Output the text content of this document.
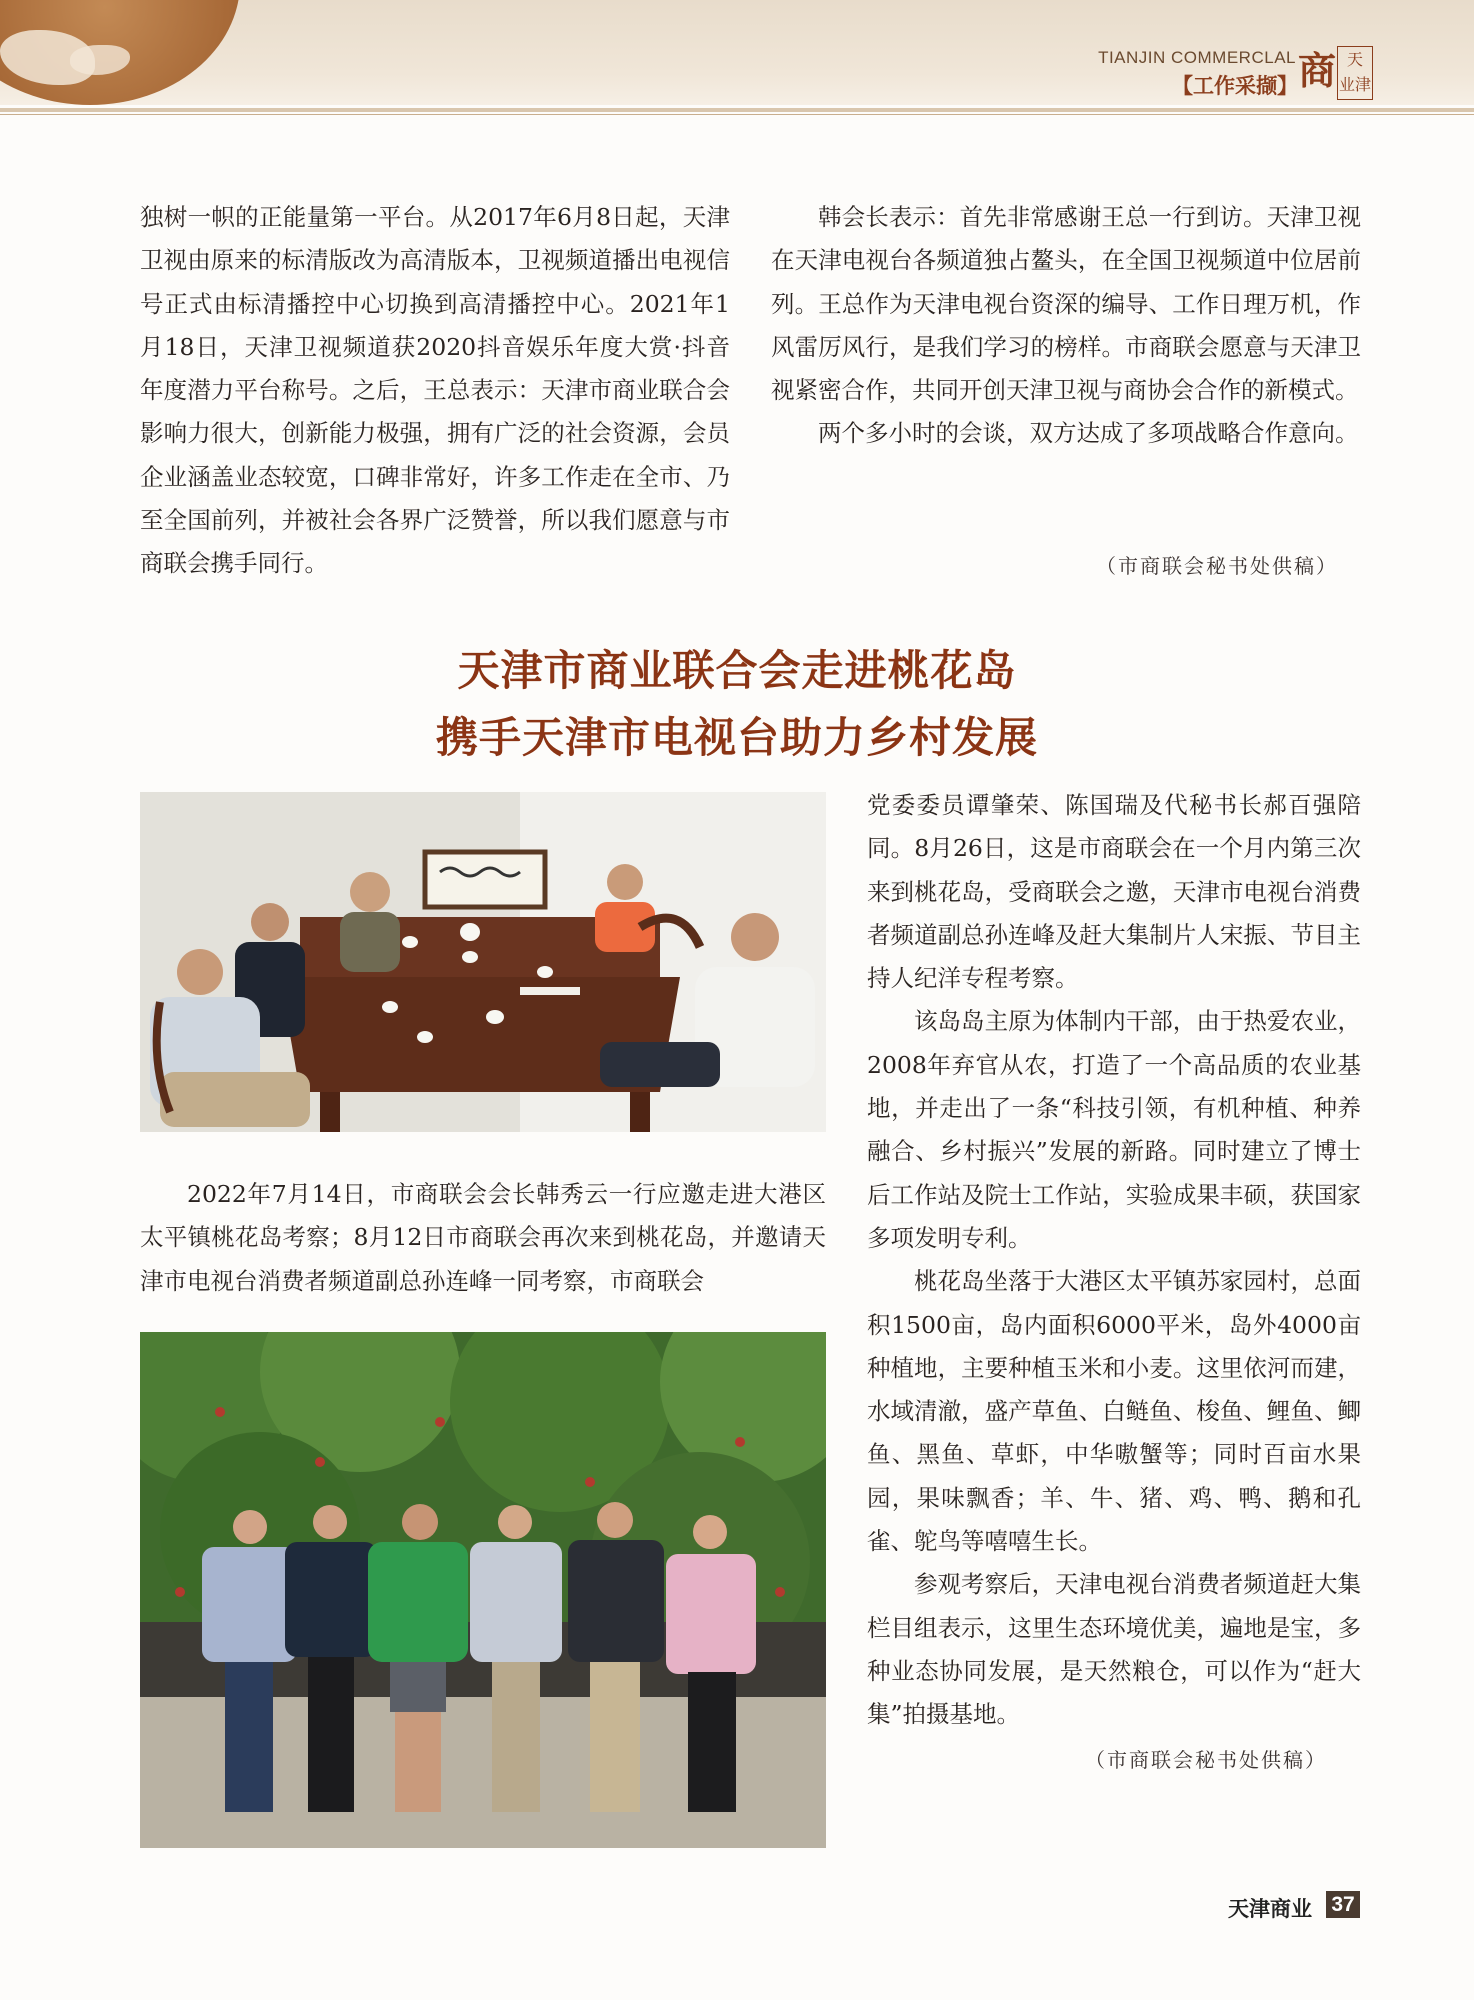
TIANJIN COMMERCLAL
【工作采撷】 商 天
业津

独树一帜的正能量第一平台。从2017年6月8日起，天津卫视由原来的标清版改为高清版本，卫视频道播出电视信号正式由标清播控中心切换到高清播控中心。2021年1月18日，天津卫视频道获2020抖音娱乐年度大赏·抖音年度潜力平台称号。之后，王总表示：天津市商业联合会影响力很大，创新能力极强，拥有广泛的社会资源，会员企业涵盖业态较宽，口碑非常好，许多工作走在全市、乃至全国前列，并被社会各界广泛赞誉，所以我们愿意与市商联会携手同行。

韩会长表示：首先非常感谢王总一行到访。天津卫视在天津电视台各频道独占鳌头，在全国卫视频道中位居前列。王总作为天津电视台资深的编导、工作日理万机，作风雷厉风行，是我们学习的榜样。市商联会愿意与天津卫视紧密合作，共同开创天津卫视与商协会合作的新模式。

两个多小时的会谈，双方达成了多项战略合作意向。

（市商联会秘书处供稿）
天津市商业联合会走进桃花岛
携手天津市电视台助力乡村发展

2022年7月14日，市商联会会长韩秀云一行应邀走进大港区太平镇桃花岛考察；8月12日市商联会再次来到桃花岛，并邀请天津市电视台消费者频道副总孙连峰一同考察，市商联会

党委委员谭肇荣、陈国瑞及代秘书长郝百强陪同。8月26日，这是市商联会在一个月内第三次来到桃花岛，受商联会之邀，天津市电视台消费者频道副总孙连峰及赶大集制片人宋振、节目主持人纪洋专程考察。

该岛岛主原为体制内干部，由于热爱农业，2008年弃官从农，打造了一个高品质的农业基地，并走出了一条“科技引领，有机种植、种养融合、乡村振兴”发展的新路。同时建立了博士后工作站及院士工作站，实验成果丰硕，获国家多项发明专利。

桃花岛坐落于大港区太平镇苏家园村，总面积1500亩，岛内面积6000平米，岛外4000亩种植地，主要种植玉米和小麦。这里依河而建，水域清澈，盛产草鱼、白鲢鱼、梭鱼、鲤鱼、鲫鱼、黑鱼、草虾，中华嗷蟹等；同时百亩水果园，果味飘香；羊、牛、猪、鸡、鸭、鹅和孔雀、鸵鸟等嘻嘻生长。

参观考察后，天津电视台消费者频道赶大集栏目组表示，这里生态环境优美，遍地是宝，多种业态协同发展，是天然粮仓，可以作为“赶大集”拍摄基地。

（市商联会秘书处供稿）
天津商业 37
